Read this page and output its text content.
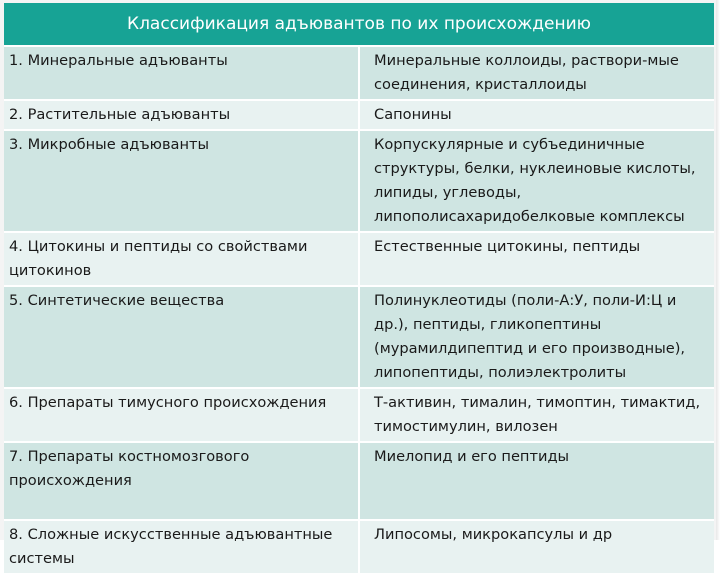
Классификация адъювантов по их происхождению	
1. Минеральные адъюванты	Минеральные коллоиды, раствори-мые соединения, кристаллоиды
2. Растительные адъюванты	Сапонины
3. Микробные адъюванты	Корпускулярные и субъединичные структуры, белки, нуклеиновые кислоты, липиды, углеводы, липополисахаридобелковые комплексы
4. Цитокины и пептиды со свойствами цитокинов	Естественные цитокины, пептиды
5. Синтетические вещества	Полинуклеотиды (поли-А:У, поли-И:Ц и др.), пептиды, гликопептины (мурамилдипептид и его производные), липопептиды, полиэлектролиты
6. Препараты тимусного происхождения	Т-активин, тималин, тимоптин, тимактид, тимостимулин, вилозен
7. Препараты костномозгового происхождения	Миелопид и его пептиды
8. Сложные искусственные адъювантные системы	Липосомы, микрокапсулы и др
